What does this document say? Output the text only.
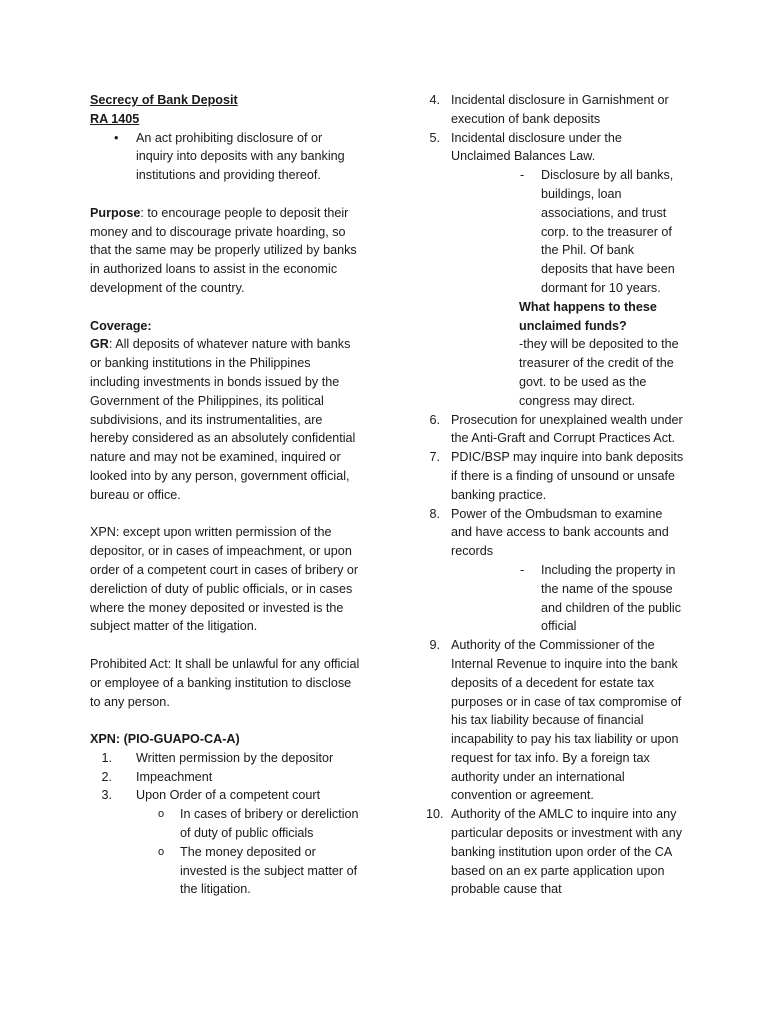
Secrecy of Bank Deposit

RA 1405

• An act prohibiting disclosure of or inquiry into deposits with any banking institutions and providing thereof.

Purpose: to encourage people to deposit their money and to discourage private hoarding, so that the same may be properly utilized by banks in authorized loans to assist in the economic development of the country.

Coverage:

GR: All deposits of whatever nature with banks or banking institutions in the Philippines including investments in bonds issued by the Government of the Philippines, its political subdivisions, and its instrumentalities, are hereby considered as an absolutely confidential nature and may not be examined, inquired or looked into by any person, government official, bureau or office.

XPN: except upon written permission of the depositor, or in cases of impeachment, or upon order of a competent court in cases of bribery or dereliction of duty of public officials, or in cases where the money deposited or invested is the subject matter of the litigation.

Prohibited Act: It shall be unlawful for any official or employee of a banking institution to disclose to any person.

XPN: (PIO-GUAPO-CA-A)

1. Written permission by the depositor
2. Impeachment
3. Upon Order of a competent court
o In cases of bribery or dereliction of duty of public officials
o The money deposited or invested is the subject matter of the litigation.
4. Incidental disclosure in Garnishment or execution of bank deposits
5. Incidental disclosure under the Unclaimed Balances Law.
- Disclosure by all banks, buildings, loan associations, and trust corp. to the treasurer of the Phil. Of bank deposits that have been dormant for 10 years.

What happens to these unclaimed funds?

-they will be deposited to the treasurer of the credit of the govt. to be used as the congress may direct.

6. Prosecution for unexplained wealth under the Anti-Graft and Corrupt Practices Act.
7. PDIC/BSP may inquire into bank deposits if there is a finding of unsound or unsafe banking practice.
8. Power of the Ombudsman to examine and have access to bank accounts and records
- Including the property in the name of the spouse and children of the public official
9. Authority of the Commissioner of the Internal Revenue to inquire into the bank deposits of a decedent for estate tax purposes or in case of tax compromise of his tax liability because of financial incapability to pay his tax liability or upon request for tax info. By a foreign tax authority under an international convention or agreement.
10. Authority of the AMLC to inquire into any particular deposits or investment with any banking institution upon order of the CA based on an ex parte application upon probable cause that
